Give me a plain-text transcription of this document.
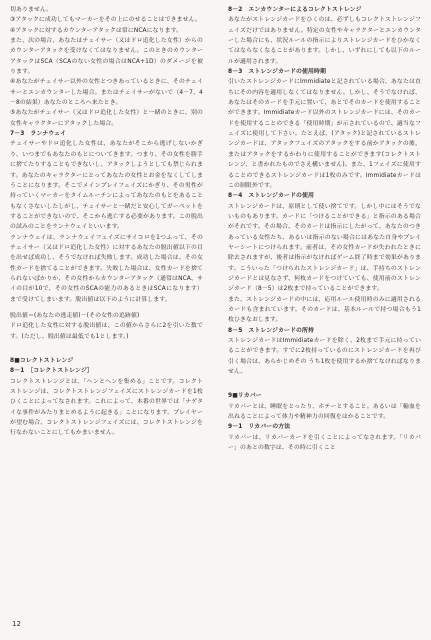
切ありません。

③アタックに成功してもマーカーをその上にのせることはできません。

④アタックに対するカウンターアタックは常にNCAになります。

また、次の場合、あなたはチェイサー（又はドロ追化した女性）からのカウンターアタックを受けなくてはなりません。このときのカウンターアタックはSCA（SCAのない女性の場合はNCA+1D）のダメージを被ります。

④あなたがチェイサー以外の女性とつきあっているときに、そのチェイサーとエンカウンターした場合。またはチェイサーがないで（4－7、4－8の結果）あなたのところへ来たとき。

⑤あなたがチェイサー（又はドロ追化した女性）と一緒のときに、別の女性キャラクターにアタックした場合。

7－3　ランナウェイ

チェイサーやドロ追化した女性は、あなたがそこから逃げしないかぎり、いつまでもあなたのもとについてきます。つまり、その女性を勝手に捨てたりすることもできないし、アタックしようとしても禁じられます。あなたのキャラクターにとってあなたの女性とお金をなくしてしまうことになります。そこでメインプレイフェイズにかぎり、その男性が持っていくマーカーをタイムルーチンによってあなたのもとをあることもなくさないしたしがし、チェイサーと一緒だと安心してガーペットをすることができないので、そこから逃亡する必要があります。この脱出の試みのことをランナウェイといいます。

ランナウェイは、ランナウェイフェイズにサイコロを1つふって、そのチェイサー（又はドロ追化した女性）に対するあなたの脱出値以下の目を出せば成功し、そうでなければ失敗します。成功した場合は、その女性カードを捨てることができます。失敗した場合は、女性カードを捨てられないばかりか、その女性からカウンターアタック（通常はNCA、サイの目が10で、その女性のSCAの能力のあるときはSCAになります）まで受けてしまいます。脱出値は以下のように計算します。

脱出値＝(あなたの逃走値)－(その女性の追跡値)

ドロ追化した女性に対する脱出値は、この値からさらに2を引いた数です。(ただし、脱出値は最低でも1とします。)

8■コレクトストレンジ

8－1　［コレクトストレンジ］

コレクトストレンジとは、「へンとヘンを集める」ことです。コレクトストレンジは、コレクトストレンジフェイズにストレンジカードを1枚ひくことによってなされます。これによって、本番の世界では「ナゲタイな事件がみたりまとめるように起きる」ことになります。プレイヤーが望む場合、コレクトストレンジフェイズには、コレクトストレンジを行なわないことにしてもかまいません。

8－2　エンカウンターによるコレクトストレンジ

あなたがストレンジカードをひくのは、必ずしもコレクトストレンジフェイズだけではありません。特定の女性やキャラクターとエンカウンターした場合にも、状況ルールの指示によりストレンジカードをひかなくてはならなくなることがあります。しかし、いずれにしても以下のルールが適用されます。

8－3　ストレンジカードの使用時期

引いたストレンジカードにImmidiateと記されている場合、あなたは直ちにその内容を適用しなくてはなりません。しかし、そうでなければ、あなたはそのカードを手元に置いて、あとでそのカードを使用することができます。Immidiateカード以外のストレンジカードには、そのカードを使用することのできる「使用時期」が示されているので、適当なフェイズに使用して下さい。たとえば、(アタック)と記されているストレンジカードは、アタックフェイズのアタックをする前かアタックの後、またはアタックをするかわりに使用することができます(コレクトストレンジ、と書かれたものでさえ構いません)。また、1フェイズに使用することのできるストレンジカードは1枚のみです。Immidiateカードはこの制限外です。

8－4　ストレンジカードの使用

ストレンジカードは、原則として使い捨てです。しかし中にはそうでないものもあります。カードに「つけることができる」と指示のある場合がそれです。その場合、そのカードは指示にしたがって、あなたのつきあっている女性たち、あるいは指示のない場合にはあなた自身やプレイヤーシートにつけられます。前者は、その女性カードが失われたときに除去されますが、後者は指示がなければゲーム終了時まで効果があります。こういった「つけられたストレンジカード」は、手持ちのストレンジカードとは見なさず、何枚カードをつけていても、使用前のストレンジカード（8－5）は2枚まで持っていることができます。

また、ストレンジカードの中には、応用ルール使用時のみに適用されるカードも含まれています。そのカードは、基本ルールで持つ場合もう1枚ひきなおします。

8－5　ストレンジカードの所持

ストレンジカードはImmidiateカードを除く、2枚まで手元に持っていることができます。すでに2枚持っているのにストレンジカードを再び引く場合は、あらかじめその うち1枚を使用するか捨てなければなりません。

9■リカバー

リカバーとは、睡眠をとったり、ホテーとすること。あるいは「輸血を出ねることによって体力や精神力の回復をはかることです。

9－1　リカバーの方法

リカバーは、リカバーカードを引くことによってなされます。「リカバー」のあとの数字は、その時に引くこと

12
